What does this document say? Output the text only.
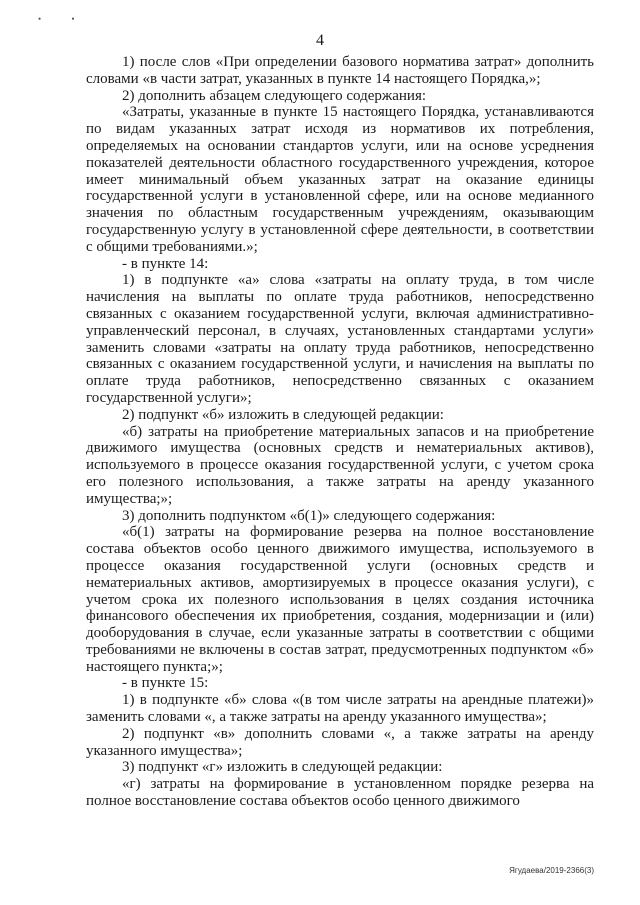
• •
4

1) после слов «При определении базового норматива затрат» дополнить словами «в части затрат, указанных в пункте 14 настоящего Порядка,»;

2) дополнить абзацем следующего содержания:

«Затраты, указанные в пункте 15 настоящего Порядка, устанавливаются по видам указанных затрат исходя из нормативов их потребления, определяемых на основании стандартов услуги, или на основе усреднения показателей деятельности областного государственного учреждения, которое имеет минимальный объем указанных затрат на оказание единицы государственной услуги в установленной сфере, или на основе медианного значения по областным государственным учреждениям, оказывающим государственную услугу в установленной сфере деятельности, в соответствии с общими требованиями.»;

- в пункте 14:

1) в подпункте «а» слова «затраты на оплату труда, в том числе начисления на выплаты по оплате труда работников, непосредственно связанных с оказанием государственной услуги, включая административно-управленческий персонал, в случаях, установленных стандартами услуги» заменить словами «затраты на оплату труда работников, непосредственно связанных с оказанием государственной услуги, и начисления на выплаты по оплате труда работников, непосредственно связанных с оказанием государственной услуги»;

2) подпункт «б» изложить в следующей редакции:

«б) затраты на приобретение материальных запасов и на приобретение движимого имущества (основных средств и нематериальных активов), используемого в процессе оказания государственной услуги, с учетом срока его полезного использования, а также затраты на аренду указанного имущества;»;

3) дополнить подпунктом «б(1)» следующего содержания:

«б(1) затраты на формирование резерва на полное восстановление состава объектов особо ценного движимого имущества, используемого в процессе оказания государственной услуги (основных средств и нематериальных активов, амортизируемых в процессе оказания услуги), с учетом срока их полезного использования в целях создания источника финансового обеспечения их приобретения, создания, модернизации и (или) дооборудования в случае, если указанные затраты в соответствии с общими требованиями не включены в состав затрат, предусмотренных подпунктом «б» настоящего пункта;»;

- в пункте 15:

1) в подпункте «б» слова «(в том числе затраты на арендные платежи)» заменить словами «, а также затраты на аренду указанного имущества»;

2) подпункт «в» дополнить словами «, а также затраты на аренду указанного имущества»;

3) подпункт «г» изложить в следующей редакции:

«г) затраты на формирование в установленном порядке резерва на полное восстановление состава объектов особо ценного движимого

Ягудаева/2019-2366(3)
